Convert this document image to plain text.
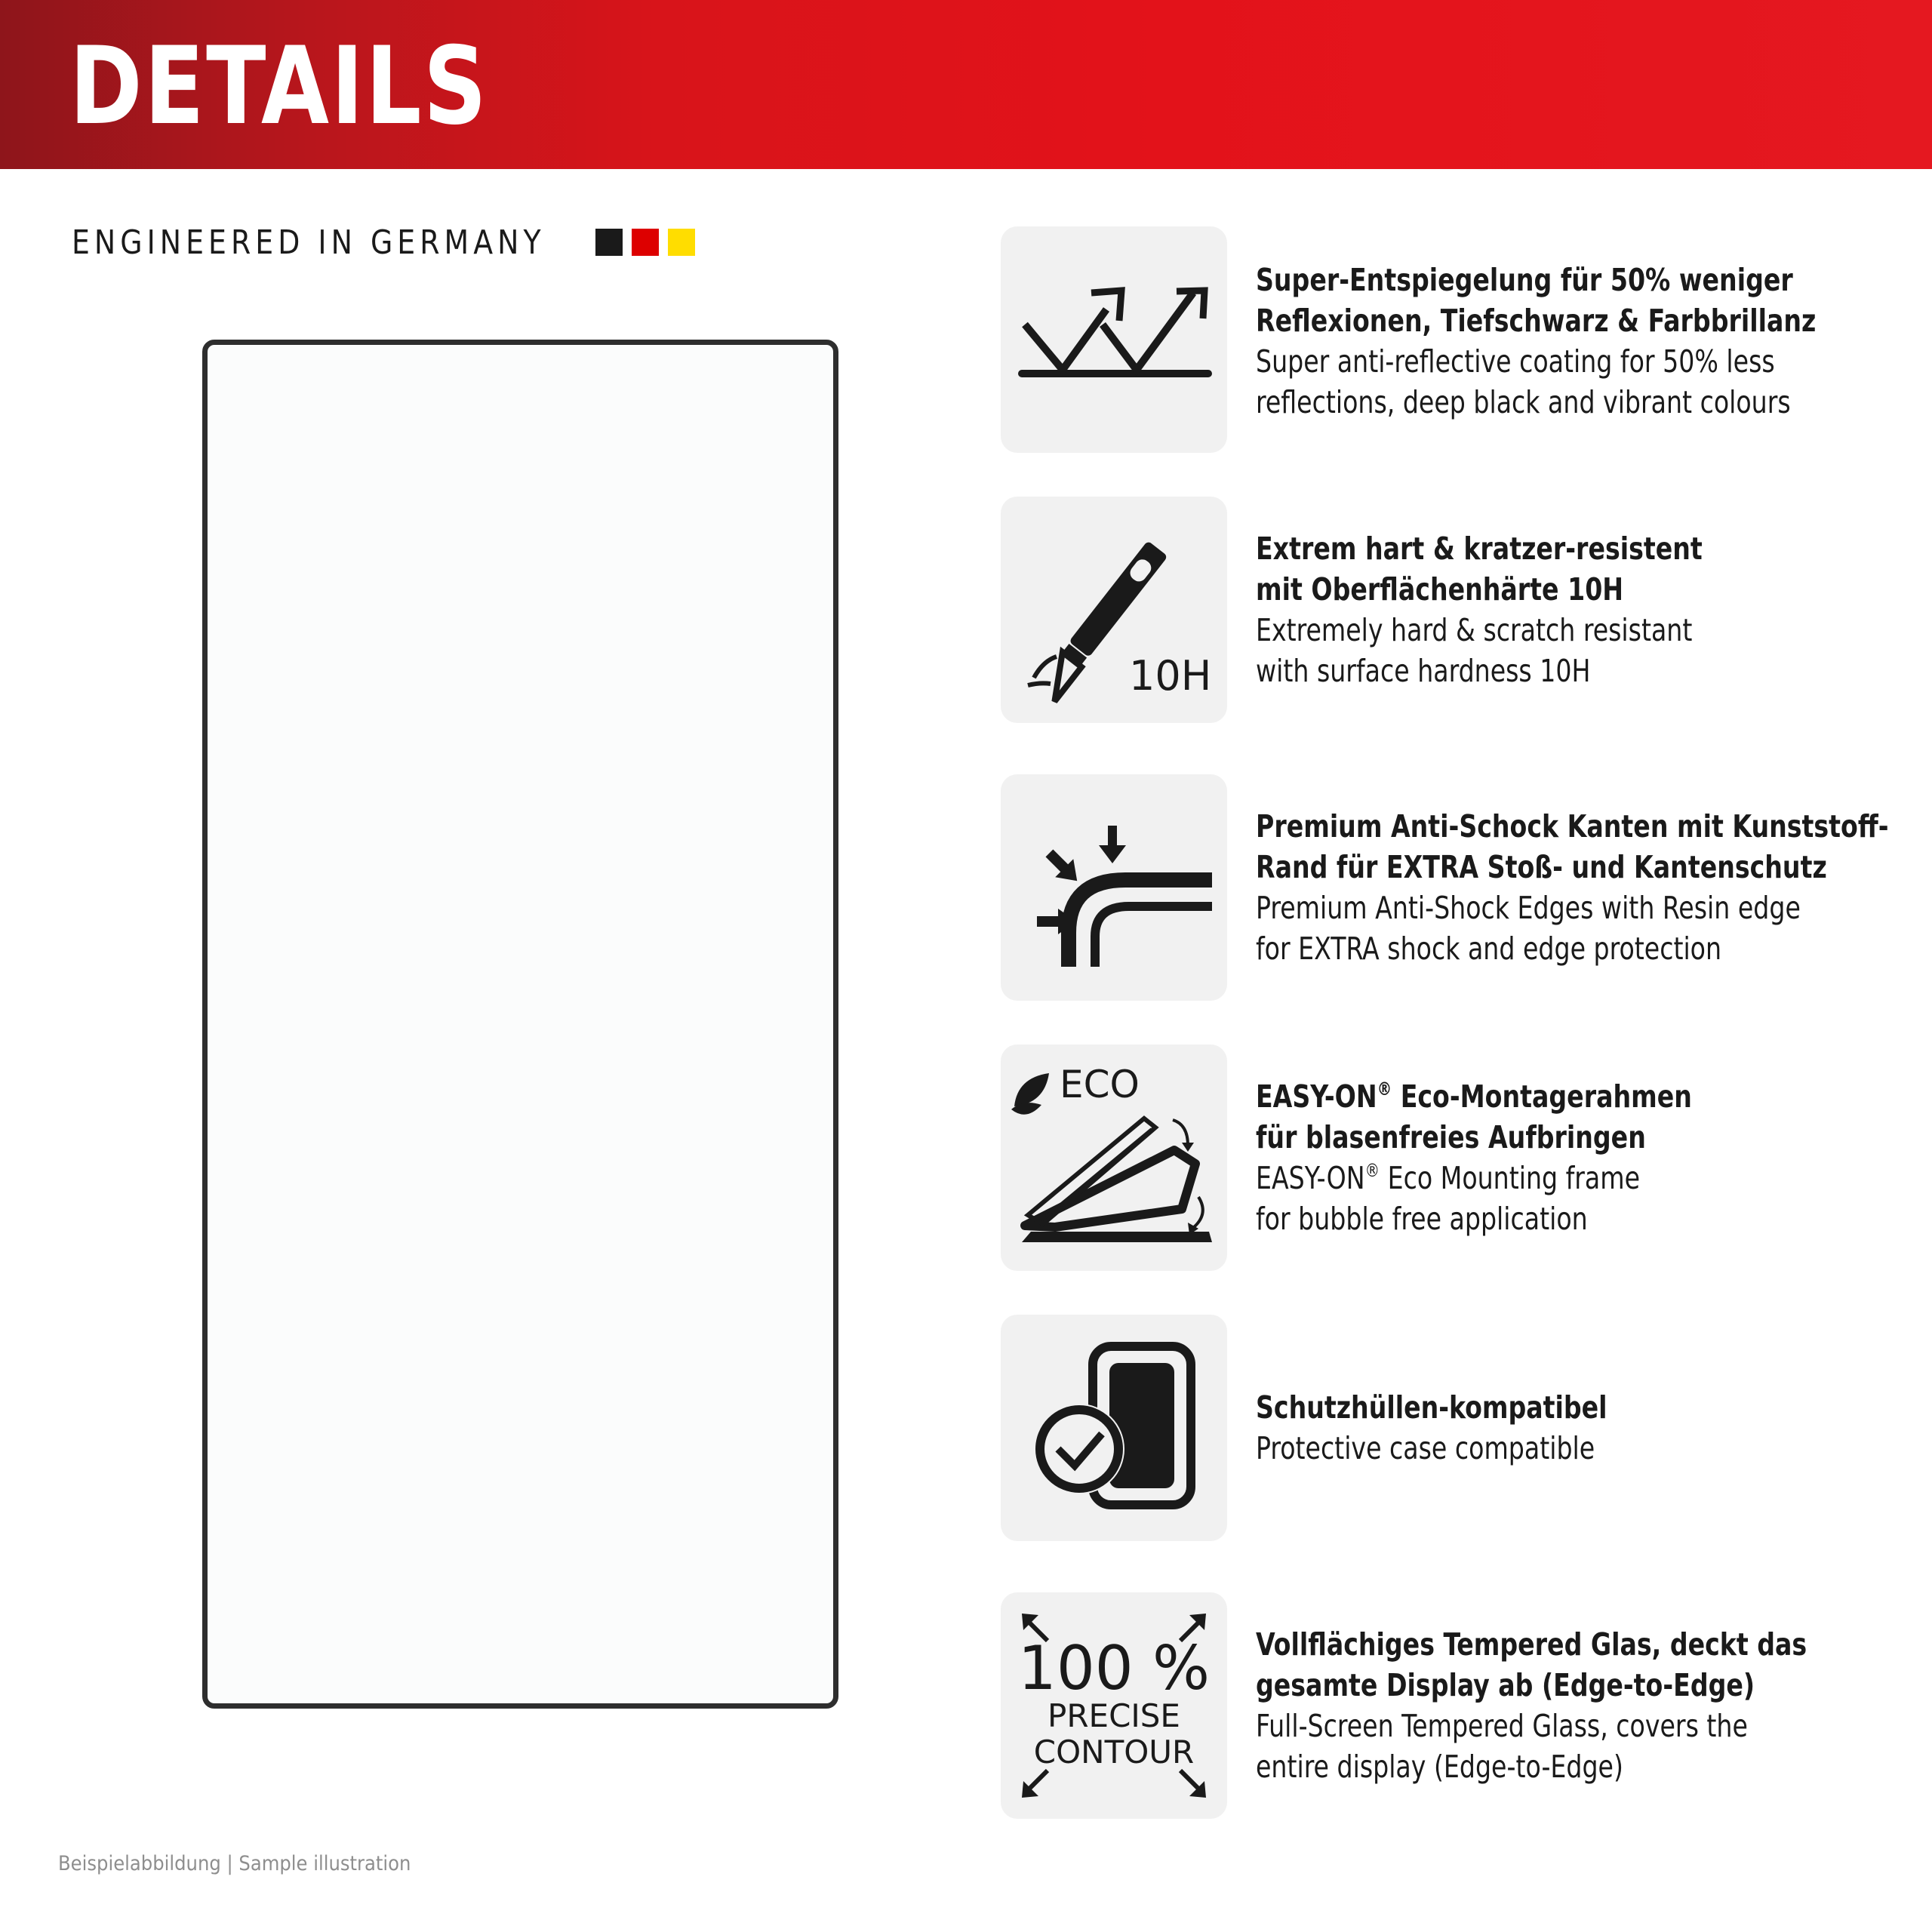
DETAILS
ENGINEERED IN GERMANY
Beispielabbildung | Sample illustration

Super-Entspiegelung für 50% weniger

Reflexionen, Tiefschwarz & Farbbrillanz

Super anti-reflective coating for 50% less

reflections, deep black and vibrant colours

10H

Extrem hart & kratzer-resistent

mit Oberflächenhärte 10H

Extremely hard & scratch resistant

with surface hardness 10H

Premium Anti-Schock Kanten mit Kunststoff-

Rand für EXTRA Stoß- und Kantenschutz

Premium Anti-Shock Edges with Resin edge

for EXTRA shock and edge protection

ECO	EASY-ON® Eco-Montagerahmen

für blasenfreies Aufbringen

EASY-ON® Eco Mounting frame

for bubble free application

Schutzhüllen-kompatibel

Protective case compatible

100 %
PRECISE
CONTOUR

Vollflächiges Tempered Glas, deckt das

gesamte Display ab (Edge-to-Edge)

Full-Screen Tempered Glass, covers the

entire display (Edge-to-Edge)
